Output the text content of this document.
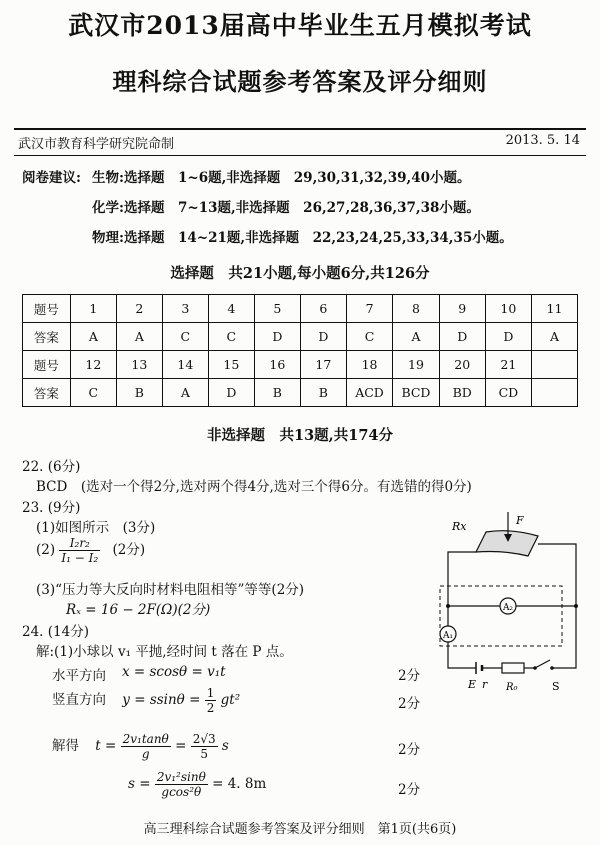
武汉市2013届高中毕业生五月模拟考试
理科综合试题参考答案及评分细则
武汉市教育科学研究院命制	2013. 5. 14
阅卷建议: 生物:选择题　1~6题,非选择题　29,30,31,32,39,40小题。
化学:选择题　7~13题,非选择题　26,27,28,36,37,38小题。
物理:选择题　14~21题,非选择题　22,23,24,25,33,34,35小题。
选择题　共21小题,每小题6分,共126分
题号	1	2	3	4	5	6	7	8	9	10	11
答案	A	A	C	C	D	D	C	A	D	D	A
题号	12	13	14	15	16	17	18	19	20	21	
答案	C	B	A	D	B	B	ACD	BCD	BD	CD	
非选择题　共13题,共174分
22. (6分)
BCD　(选对一个得2分,选对两个得4分,选对三个得6分。有选错的得0分)
23. (9分)
(1)如图所示　(3分)
$(2) \frac{\text{I₂r₂}}{\text{I₁ − I₂}} (2$分)
(3)“压力等大反向时材料电阻相等”等等(2分)
Rₓ = 16 − 2F(Ω)(2分)
24. (14分)
解:(1)小球以 v₁ 平抛,经时间 t 落在 P 点。
水平方向 x = scosθ = v₁t	2分
竖直方向 $y = ssin\theta = \frac{1}{2} gt^2$	2分
解得 $t = \frac{\text{2v₁tanθ}}{g} = \frac{2√3}{5}$ s	2分
$s = \frac{\text{2v₁²sinθ}}{\text{gcos²θ}} = 4$. 8m	2分
Rx	F
A₂
A₁
E r R₀	S
高三理科综合试题参考答案及评分细则　第1页(共6页)
